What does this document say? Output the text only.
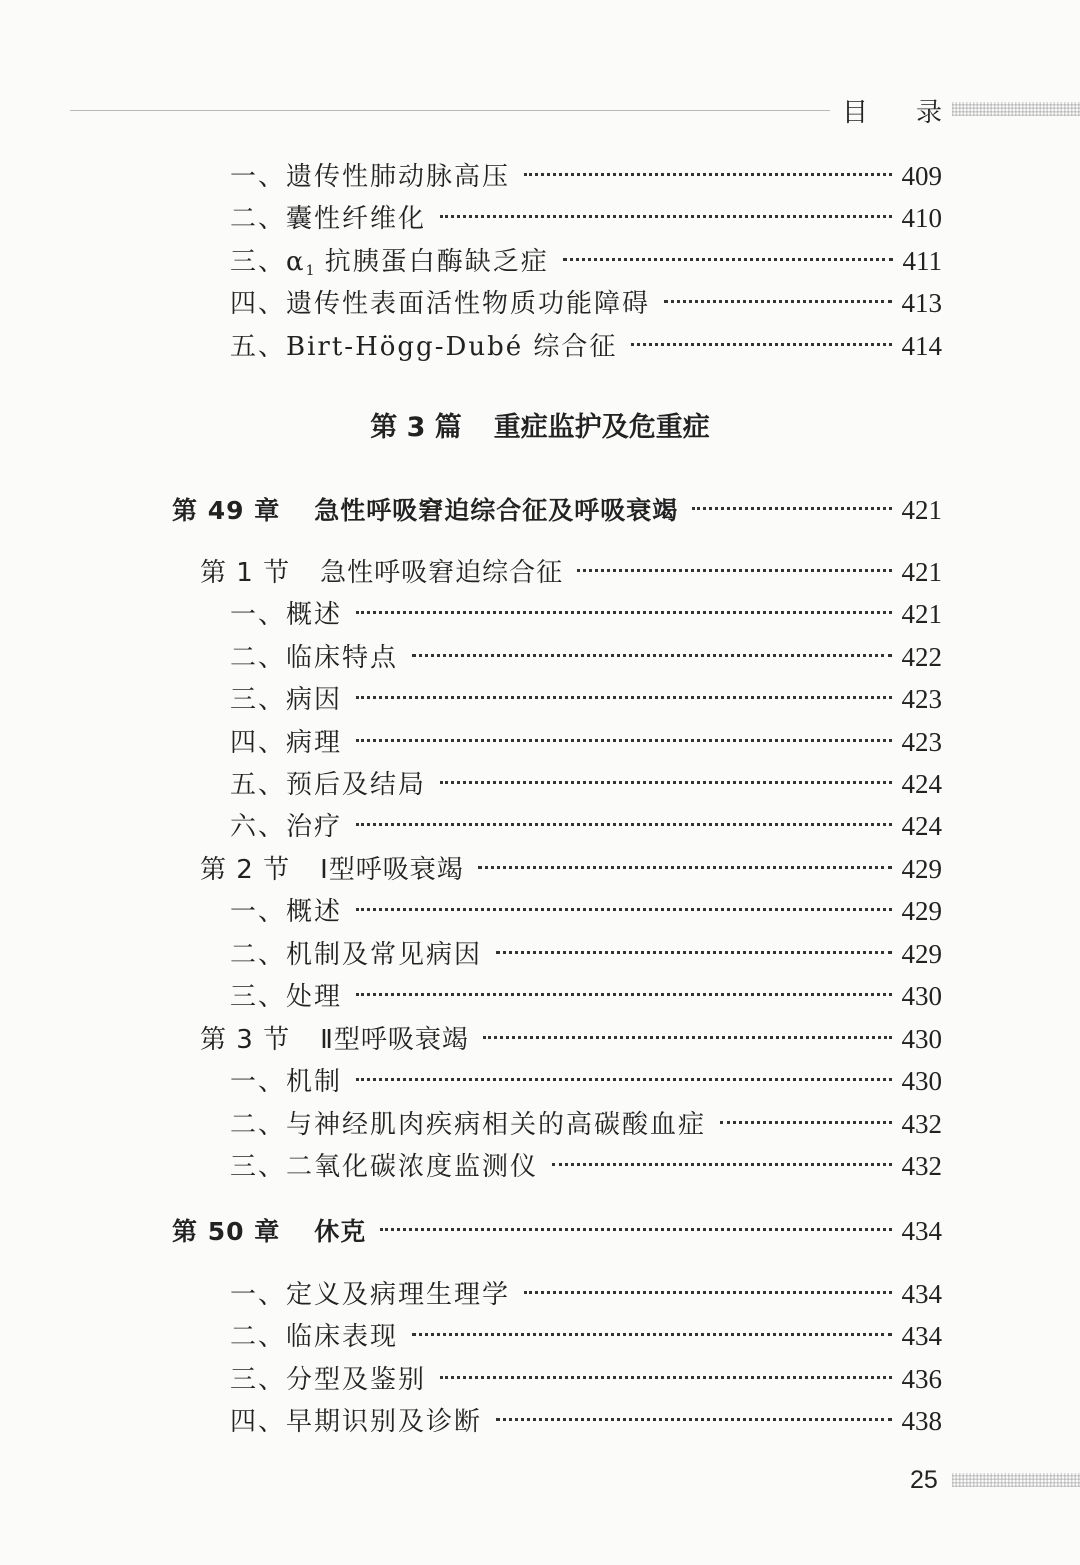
目 录
一、遗传性肺动脉高压	409
二、囊性纤维化	410
三、$\alpha_1$ 抗胰蛋白酶缺乏症	411
四、遗传性表面活性物质功能障碍	413
五、Birt-Högg-Dubé 综合征	414
第 3 篇 重症监护及危重症
第 49 章 急性呼吸窘迫综合征及呼吸衰竭	421
第 1 节 急性呼吸窘迫综合征	421
一、概述	421
二、临床特点	422
三、病因	423
四、病理	423
五、预后及结局	424
六、治疗	424
第 2 节 Ⅰ型呼吸衰竭	429
一、概述	429
二、机制及常见病因	429
三、处理	430
第 3 节 Ⅱ型呼吸衰竭	430
一、机制	430
二、与神经肌肉疾病相关的高碳酸血症	432
三、二氧化碳浓度监测仪	432
第 50 章 休克	434
一、定义及病理生理学	434
二、临床表现	434
三、分型及鉴别	436
四、早期识别及诊断	438
25
